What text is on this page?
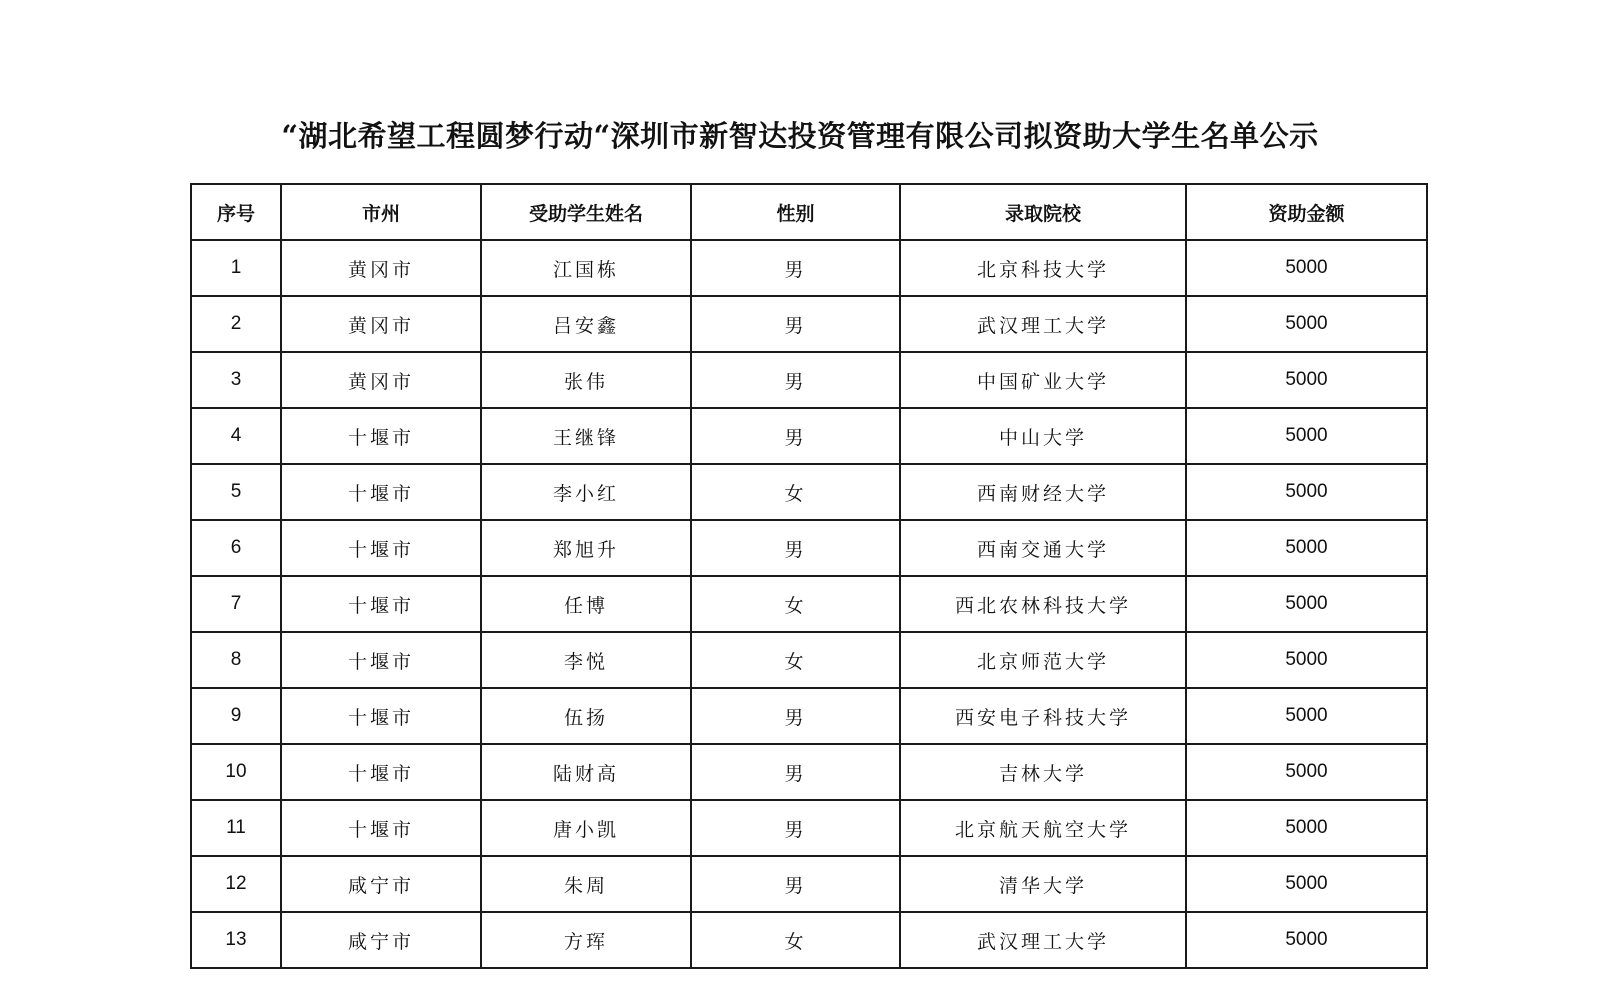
“湖北希望工程圆梦行动“深圳市新智达投资管理有限公司拟资助大学生名单公示
序号	市州	受助学生姓名	性别	录取院校	资助金额
1	黄冈市	江国栋	男	北京科技大学	5000
2	黄冈市	吕安鑫	男	武汉理工大学	5000
3	黄冈市	张伟	男	中国矿业大学	5000
4	十堰市	王继锋	男	中山大学	5000
5	十堰市	李小红	女	西南财经大学	5000
6	十堰市	郑旭升	男	西南交通大学	5000
7	十堰市	任博	女	西北农林科技大学	5000
8	十堰市	李悦	女	北京师范大学	5000
9	十堰市	伍扬	男	西安电子科技大学	5000
10	十堰市	陆财高	男	吉林大学	5000
11	十堰市	唐小凯	男	北京航天航空大学	5000
12	咸宁市	朱周	男	清华大学	5000
13	咸宁市	方珲	女	武汉理工大学	5000
